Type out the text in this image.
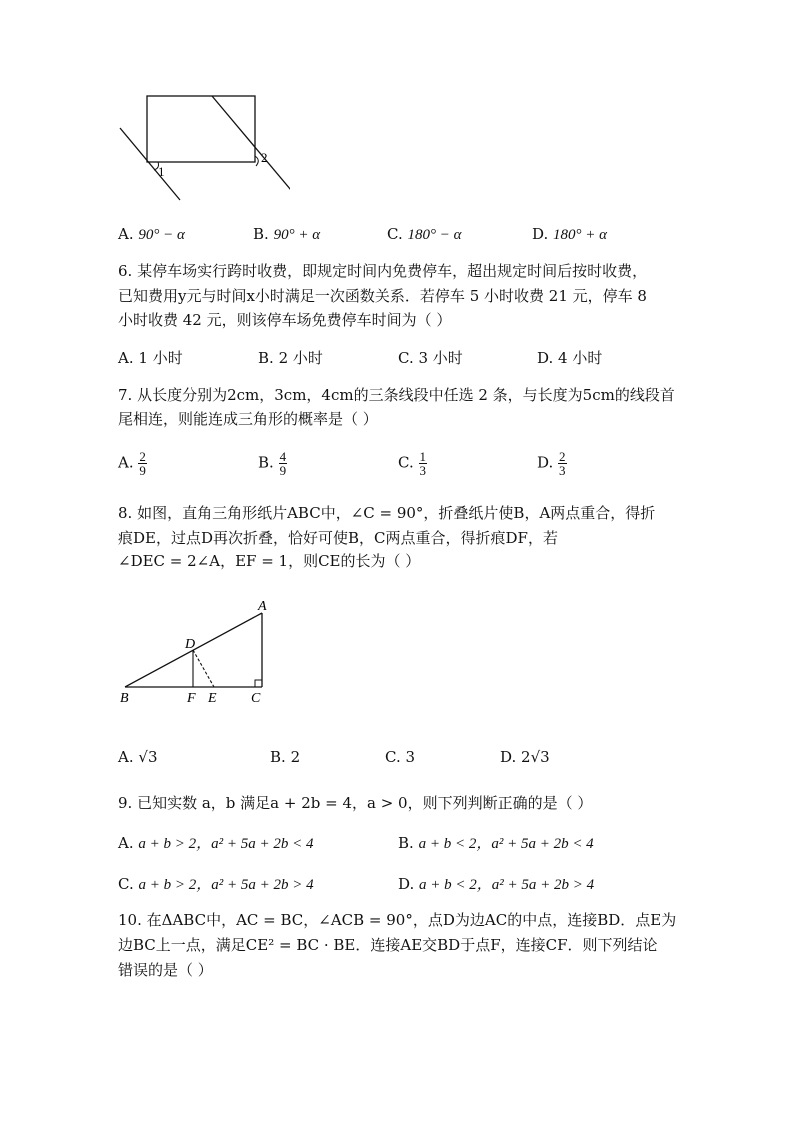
1
2
A. 90° − α	B. 90° + α	C. 180° − α	D. 180° + α
6. 某停车场实行跨时收费，即规定时间内免费停车，超出规定时间后按时收费，
已知费用y元与时间x小时满足一次函数关系．若停车 5 小时收费 21 元，停车 8
小时收费 42 元，则该停车场免费停车时间为（ ）
A. 1 小时	B. 2 小时	C. 3 小时	D. 4 小时
7. 从长度分别为2cm，3cm，4cm的三条线段中任选 2 条，与长度为5cm的线段首
尾相连，则能连成三角形的概率是（ ）
A. $\frac{2}{9}$	B. $\frac{4}{9}$	C. $\frac{1}{3}$	D. $\frac{2}{3}$
8. 如图，直角三角形纸片ABC中，∠C = 90°，折叠纸片使B，A两点重合，得折
痕DE，过点D再次折叠，恰好可使B，C两点重合，得折痕DF，若
∠DEC = 2∠A，EF = 1，则CE的长为（ ）
A
B	C
D
E
F
A. √3	B. 2	C. 3	D. 2√3
9. 已知实数 a，b 满足a + 2b = 4，a > 0，则下列判断正确的是（ ）
A. a + b > 2，a² + 5a + 2b < 4	B. a + b < 2，a² + 5a + 2b < 4
C. a + b > 2，a² + 5a + 2b > 4	D. a + b < 2，a² + 5a + 2b > 4
10. 在ΔABC中，AC = BC，∠ACB = 90°，点D为边AC的中点，连接BD．点E为
边BC上一点，满足CE² = BC · BE．连接AE交BD于点F，连接CF．则下列结论
错误的是（ ）
